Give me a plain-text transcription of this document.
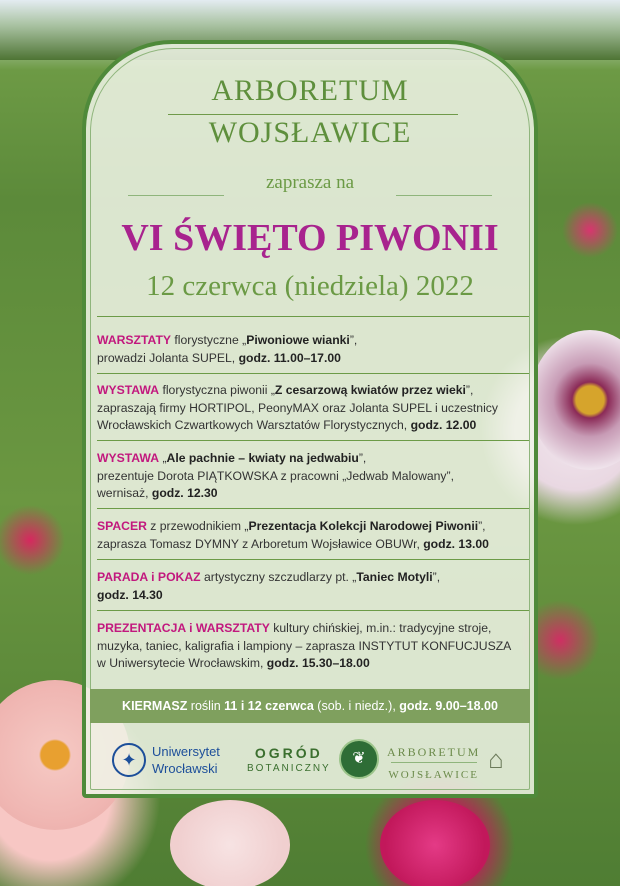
ARBORETUM
WOJSŁAWICE
zaprasza na
VI ŚWIĘTO PIWONII
12 czerwca (niedziela) 2022
WARSZTATY florystyczne „Piwoniowe wianki”,
prowadzi Jolanta SUPEL, godz. 11.00–17.00
WYSTAWA florystyczna piwonii „Z cesarzową kwiatów przez wieki”,
zapraszają firmy HORTIPOL, PeonyMAX oraz Jolanta SUPEL i uczestnicy
Wrocławskich Czwartkowych Warsztatów Florystycznych, godz. 12.00
WYSTAWA „Ale pachnie – kwiaty na jedwabiu”,
prezentuje Dorota PIĄTKOWSKA z pracowni „Jedwab Malowany”,
wernisaż, godz. 12.30
SPACER z przewodnikiem „Prezentacja Kolekcji Narodowej Piwonii”,
zaprasza Tomasz DYMNY z Arboretum Wojsławice OBUWr, godz. 13.00
PARADA i POKAZ artystyczny szczudlarzy pt. „Taniec Motyli”,
godz. 14.30
PREZENTACJA i WARSZTATY kultury chińskiej, m.in.: tradycyjne stroje,
muzyka, taniec, kaligrafia i lampiony – zaprasza INSTYTUT KONFUCJUSZA
w Uniwersytecie Wrocławskim, godz. 15.30–18.00
KIERMASZ roślin 11 i 12 czerwca (sob. i niedz.), godz. 9.00–18.00
✦	Uniwersytet
Wrocławski
OGRÓD
BOTANICZNY
❦	ARBORETUM
WOJSŁAWICE
⌂
